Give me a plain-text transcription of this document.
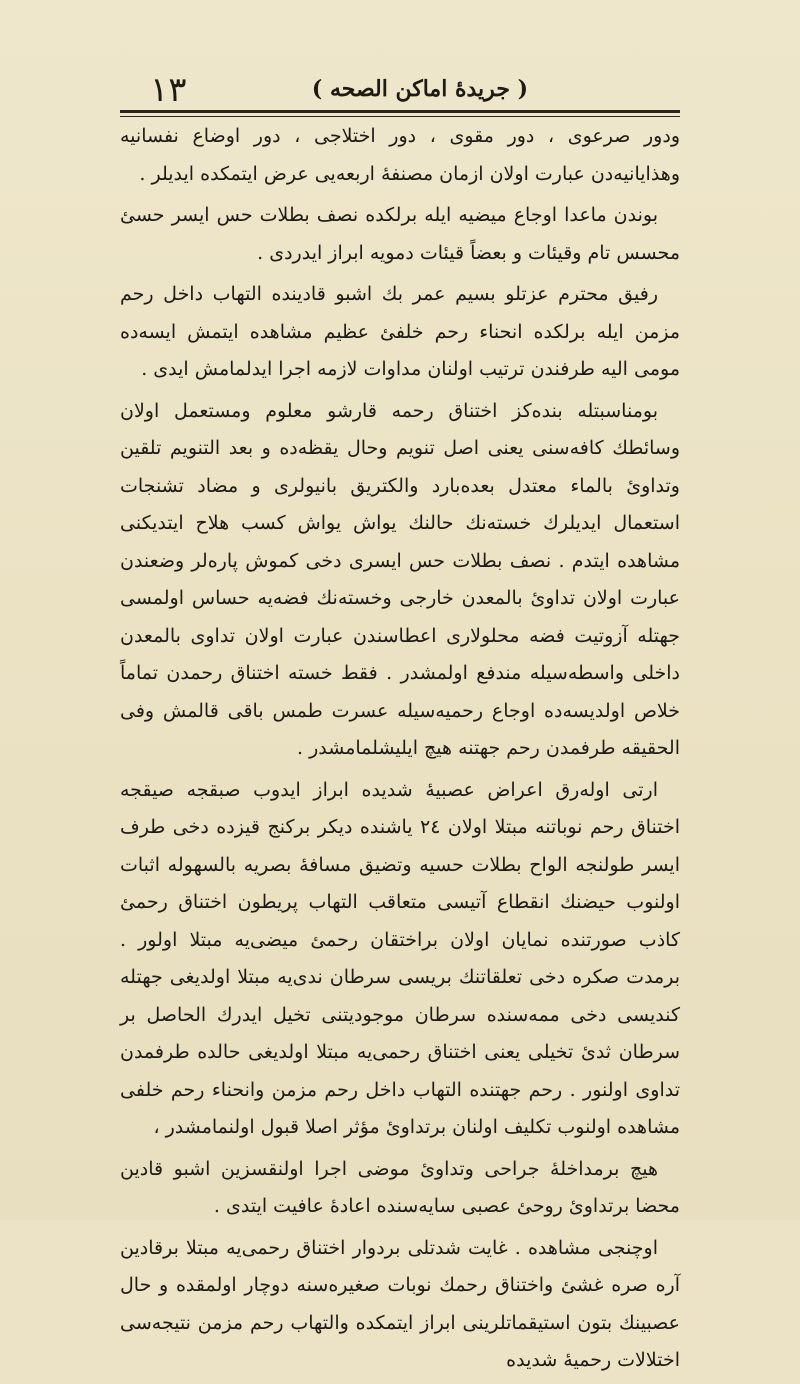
١٣	( جريدهٔ اماكن الصحه )

ودور صرعوى ، دور مقوى ، دور اختلاجى ، دور اوضاع نفسانيه وهذايانيه‌دن عبارت اولان ازمان مصنفهٔ اربعه‌يى عرض ايتمكده ايديلر .

بوندن ماعدا اوجاع ميضيه ايله برلكده نصف بطلات حس ايسر حسئ محسس تام وقيئات و بعضاً قيئات دمويه ابراز ايدردى .

رفيق محترم عزتلو بسيم عمر بك اشبو قادينده التهاب داخل رحم مزمن ايله برلكده انحناء رحم خلفئ عظيم مشاهده ايتمش ايسه‌ده مومى اليه طرفندن ترتيب اولنان مداوات لازمه اجرا ايدلمامش ايدى .

بومناسبتله بنده‌كز اختناق رحمه قارشو معلوم ومستعمل اولان وسائطك كافه‌سنى يعنى اصل تنويم وحال يقظه‌ده و بعد التنويم تلقين وتداوئ بالماء معتدل بعده‌بارد والكتريق بانيولرى و مضاد تشنجات استعمال ايديلرك خسته‌نك حالنك يواش يواش كسب هلاح ايتديكنى مشاهده ايتدم . نصف بطلات حس ايسرى دخى كموش پاره‌لر وضعندن عبارت اولان تداوئ بالمعدن خارجى وخسته‌نك فضه‌يه حساس اولمسى جهتله آزوتيت فضه محلولارى اعطاسندن عبارت اولان تداوى بالمعدن داخلى واسطه‌سيله مندفع اولمشدر . فقط خسته اختناق رحمدن تماماً خلاص اولديسه‌ده اوجاع رحميه‌سيله عسرت طمس باقى قالمش وفى الحقيقه طرفمدن رحم جهتنه هيچ ايليشلمامشدر .

ارتى اوله‌رق اعراض عصبيهٔ شديده ابراز ايدوب صبقجه صيقجه اختناق رحم نوباتنه مبتلا اولان ٢٤ ياشنده ديكر بركنج قيزده دخى طرف ايسر طولنجه الواح بطلات حسيه وتضيق مسافهٔ بصريه بالسهوله اثبات اولنوب حيضنك انقطاع آتيسى متعاقب التهاب پريطون اختناق رحمئ كاذب صورتنده نمايان اولان براختقان رحمئ ميضى‌يه مبتلا اولور . برمدت صكره دخى تعلقاتنك بريسى سرطان ندى‌يه مبتلا اولديغى جهتله كنديسى دخى ممه‌سنده سرطان موجوديتنى تخيل ايدرك الحاصل بر سرطان ثدئ تخيلى يعنى اختناق رحمى‌يه مبتلا اولديغى حالده طرفمدن تداوى اولنور . رحم جهتنده التهاب داخل رحم مزمن وانحناء رحم خلفى مشاهده اولنوب تكليف اولنان برتداوئ مؤثر اصلا قبول اولنمامشدر ،

هيچ برمداخلهٔ جراحى وتداوئ موضى اجرا اولنقسزين اشبو قادين محضا برتداوئ روحئ عصبى سايه‌سنده اعادهٔ عافيت ايتدى .

اوچنجى مشاهده . غايت شدتلى بردوار اختناق رحمى‌يه مبتلا برقادين آره صره غشئ واختناق رحمك نوبات صغيره‌سنه دوچار اولمقده و حال عصبينك بتون استيقماتلرينى ابراز ايتمكده والتهاب رحم مزمن نتيجه‌سى اختلالات رحميهٔ شديده
